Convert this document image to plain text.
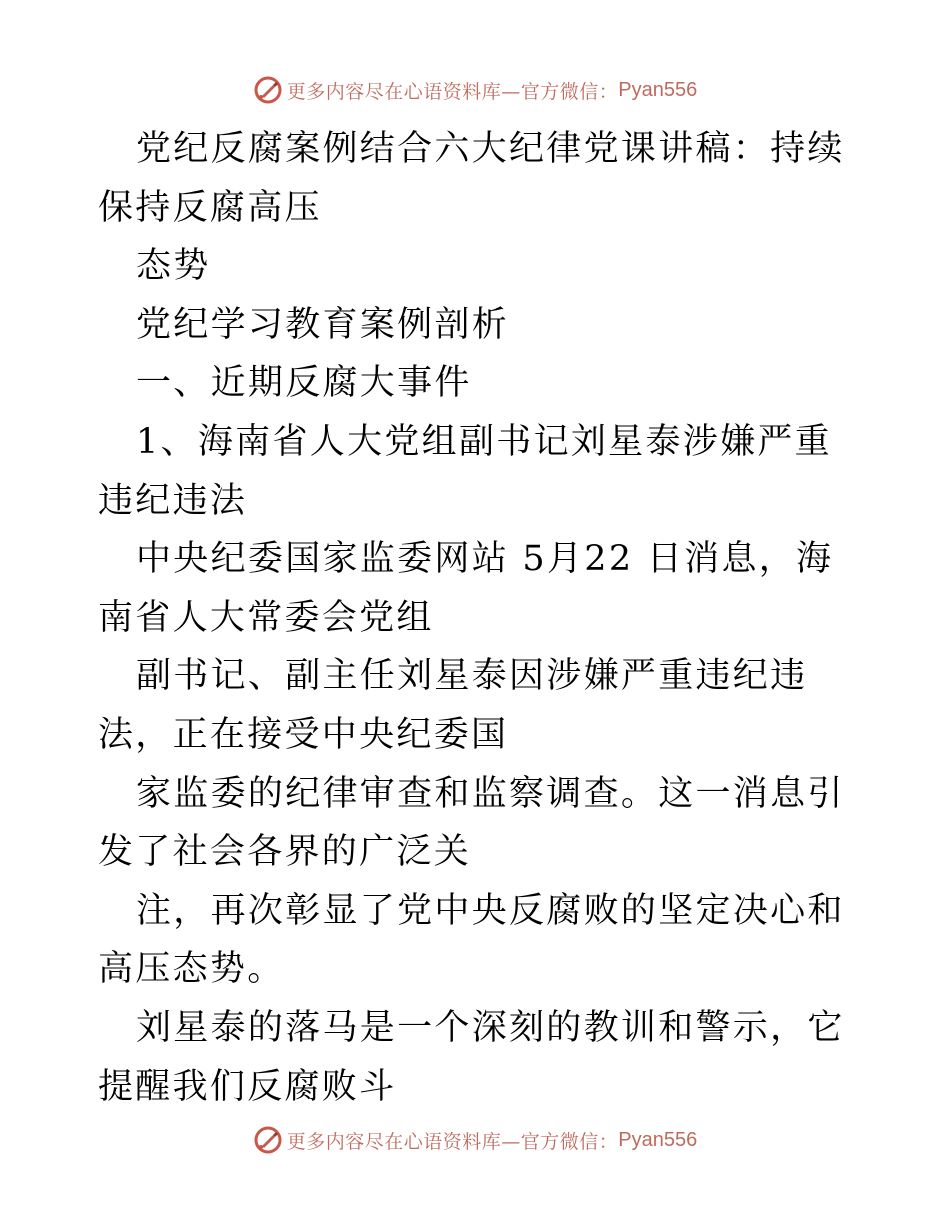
更多内容尽在心语资料库—官方微信： Pyan556

党纪反腐案例结合六大纪律党课讲稿：持续保持反腐高压

态势

党纪学习教育案例剖析

一、近期反腐大事件

1、海南省人大党组副书记刘星泰涉嫌严重违纪违法

中央纪委国家监委网站 5月22 日消息，海南省人大常委会党组

副书记、副主任刘星泰因涉嫌严重违纪违法，正在接受中央纪委国

家监委的纪律审查和监察调查。这一消息引发了社会各界的广泛关

注，再次彰显了党中央反腐败的坚定决心和高压态势。

刘星泰的落马是一个深刻的教训和警示，它提醒我们反腐败斗

更多内容尽在心语资料库—官方微信： Pyan556
